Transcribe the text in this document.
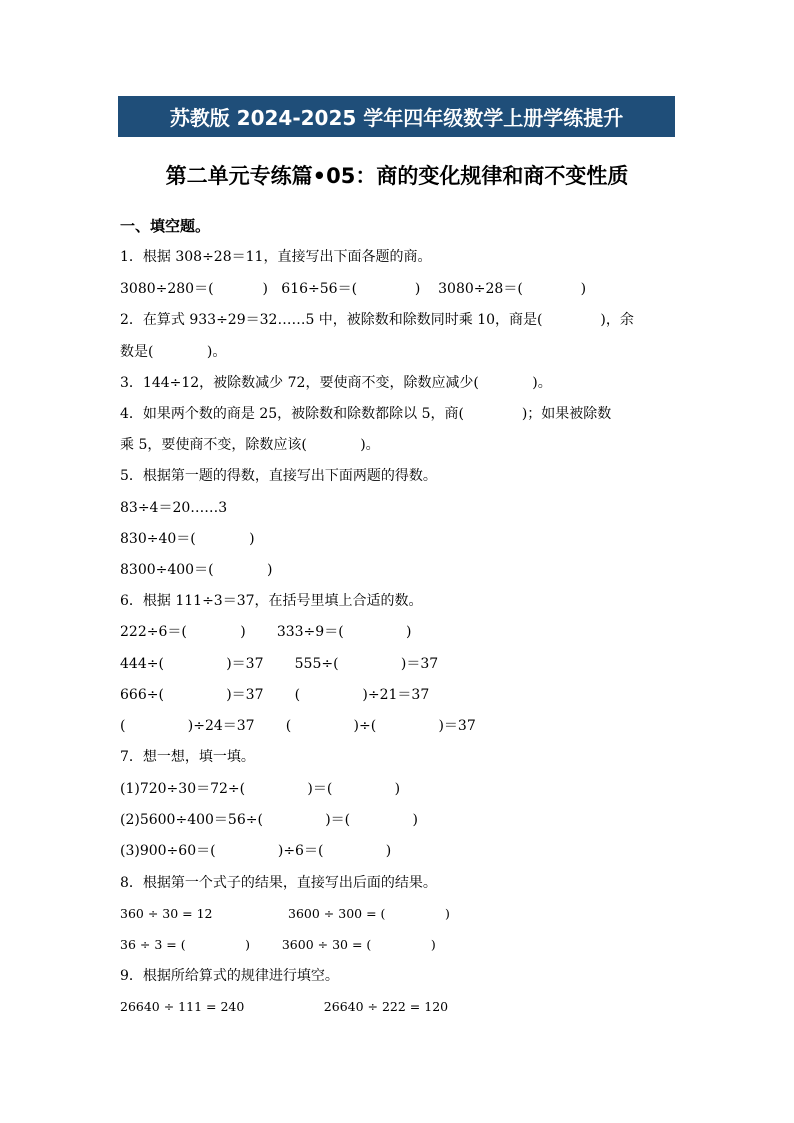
苏教版 2024-2025 学年四年级数学上册学练提升
第二单元专练篇•05：商的变化规律和商不变性质
一、填空题。
1．根据 308÷28＝11，直接写出下面各题的商。
3080÷280＝(           )   616÷56＝(             )    3080÷28＝(             )
2．在算式 933÷29＝32……5 中，被除数和除数同时乘 10，商是(             )，余
数是(            )。
3．144÷12，被除数减少 72，要使商不变，除数应减少(            )。
4．如果两个数的商是 25，被除数和除数都除以 5，商(             )；如果被除数
乘 5，要使商不变，除数应该(            )。
5．根据第一题的得数，直接写出下面两题的得数。
83÷4＝20……3
830÷40＝(            )
8300÷400＝(            )
6．根据 111÷3＝37，在括号里填上合适的数。
222÷6＝(            )       333÷9＝(              )
444÷(              )＝37       555÷(              )＝37
666÷(              )＝37       (              )÷21＝37
(              )÷24＝37       (              )÷(              )＝37
7．想一想，填一填。
(1)720÷30＝72÷(              )＝(              )
(2)5600÷400＝56÷(              )＝(              )
(3)900÷60＝(              )÷6＝(              )
8．根据第一个式子的结果，直接写出后面的结果。
360 ÷ 30 = 12                   3600 ÷ 300 = (               )
36 ÷ 3 = (               )        3600 ÷ 30 = (               )
9．根据所给算式的规律进行填空。
26640 ÷ 111 = 240                    26640 ÷ 222 = 120
